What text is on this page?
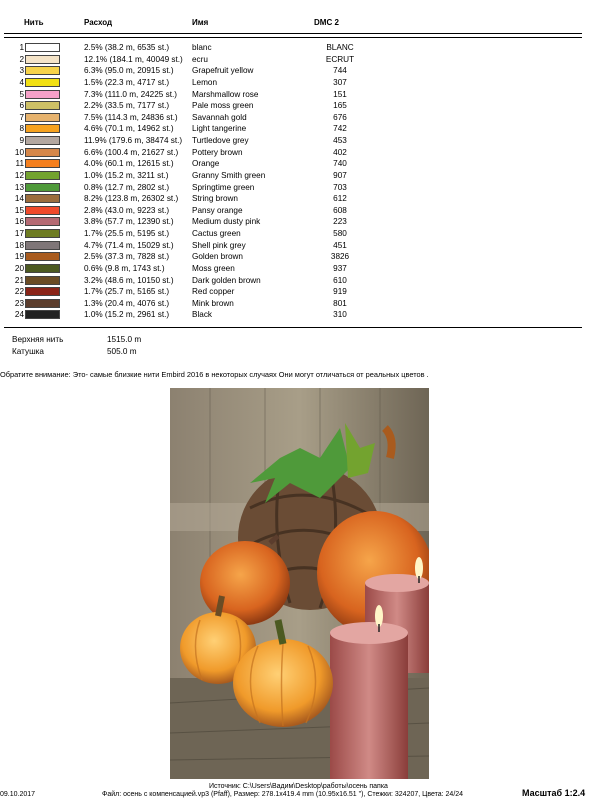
Нить	Расход	Имя	DMC 2
1	2.5% (38.2 m, 6535 st.)	blanc	BLANC
2	12.1% (184.1 m, 40049 st.) ecru	ECRUT
3	6.3% (95.0 m, 20915 st.) Grapefruit yellow	744
4	1.5% (22.3 m, 4717 st.)	Lemon	307
5	7.3% (111.0 m, 24225 st.) Marshmallow rose	151
6	2.2% (33.5 m, 7177 st.)	Pale moss green	165
7	7.5% (114.3 m, 24836 st.) Savannah gold	676
8	4.6% (70.1 m, 14962 st.) Light tangerine	742
9	11.9% (179.6 m, 38474 st.) Turtledove grey	453
10	6.6% (100.4 m, 21627 st.) Pottery brown	402
11	4.0% (60.1 m, 12615 st.) Orange	740
12	1.0% (15.2 m, 3211 st.)	Granny Smith green	907
13	0.8% (12.7 m, 2802 st.)	Springtime green	703
14	8.2% (123.8 m, 26302 st.) String brown	612
15	2.8% (43.0 m, 9223 st.)	Pansy orange	608
16	3.8% (57.7 m, 12390 st.) Medium dusty pink	223
17	1.7% (25.5 m, 5195 st.)	Cactus green	580
18	4.7% (71.4 m, 15029 st.) Shell pink grey	451
19	2.5% (37.3 m, 7828 st.)	Golden brown	3826
20	0.6% (9.8 m, 1743 st.)	Moss green	937
21	3.2% (48.6 m, 10150 st.) Dark golden brown	610
22	1.7% (25.7 m, 5165 st.)	Red copper	919
23	1.3% (20.4 m, 4076 st.)	Mink brown	801
24	1.0% (15.2 m, 2961 st.)	Black	310
Верхняя нить	1515.0 m
Катушка	505.0 m
Обратите внимание: Это- самые близкие нити Embird 2016 в некоторых случаях Они могут отличаться от реальных цветов .
Источник: C:\Users\Вадим\Desktop\работы\осень папка
09.10.2017	Файл: осень с компенсацией.vp3 (Pfaff), Размер: 278.1x419.4 mm (10.95x16.51 "), Стежки: 324207, Цвета: 24/24	Масштаб 1:2.4
